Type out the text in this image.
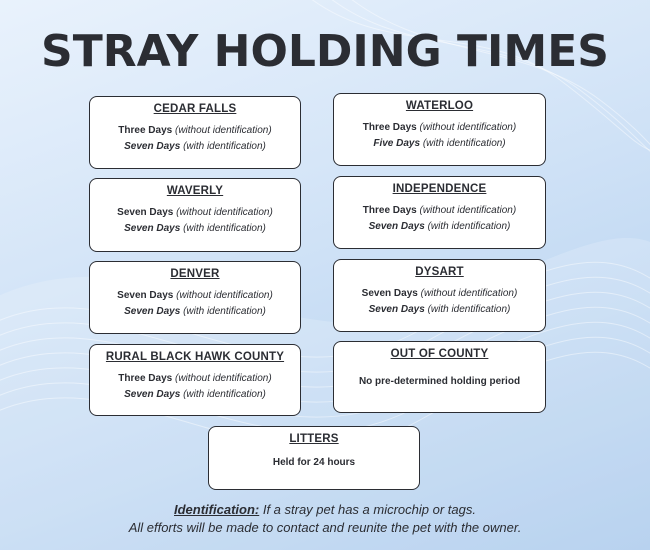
STRAY HOLDING TIMES
CEDAR FALLS
Three Days (without identification)
Seven Days (with identification)
WAVERLY
Seven Days (without identification)
Seven Days (with identification)
DENVER
Seven Days (without identification)
Seven Days (with identification)
RURAL BLACK HAWK COUNTY
Three Days (without identification)
Seven Days (with identification)
WATERLOO
Three Days (without identification)
Five Days (with identification)
INDEPENDENCE
Three Days (without identification)
Seven Days (with identification)
DYSART
Seven Days (without identification)
Seven Days (with identification)
OUT OF COUNTY
No pre-determined holding period
LITTERS
Held for 24 hours
Identification: If a stray pet has a microchip or tags.
All efforts will be made to contact and reunite the pet with the owner.
